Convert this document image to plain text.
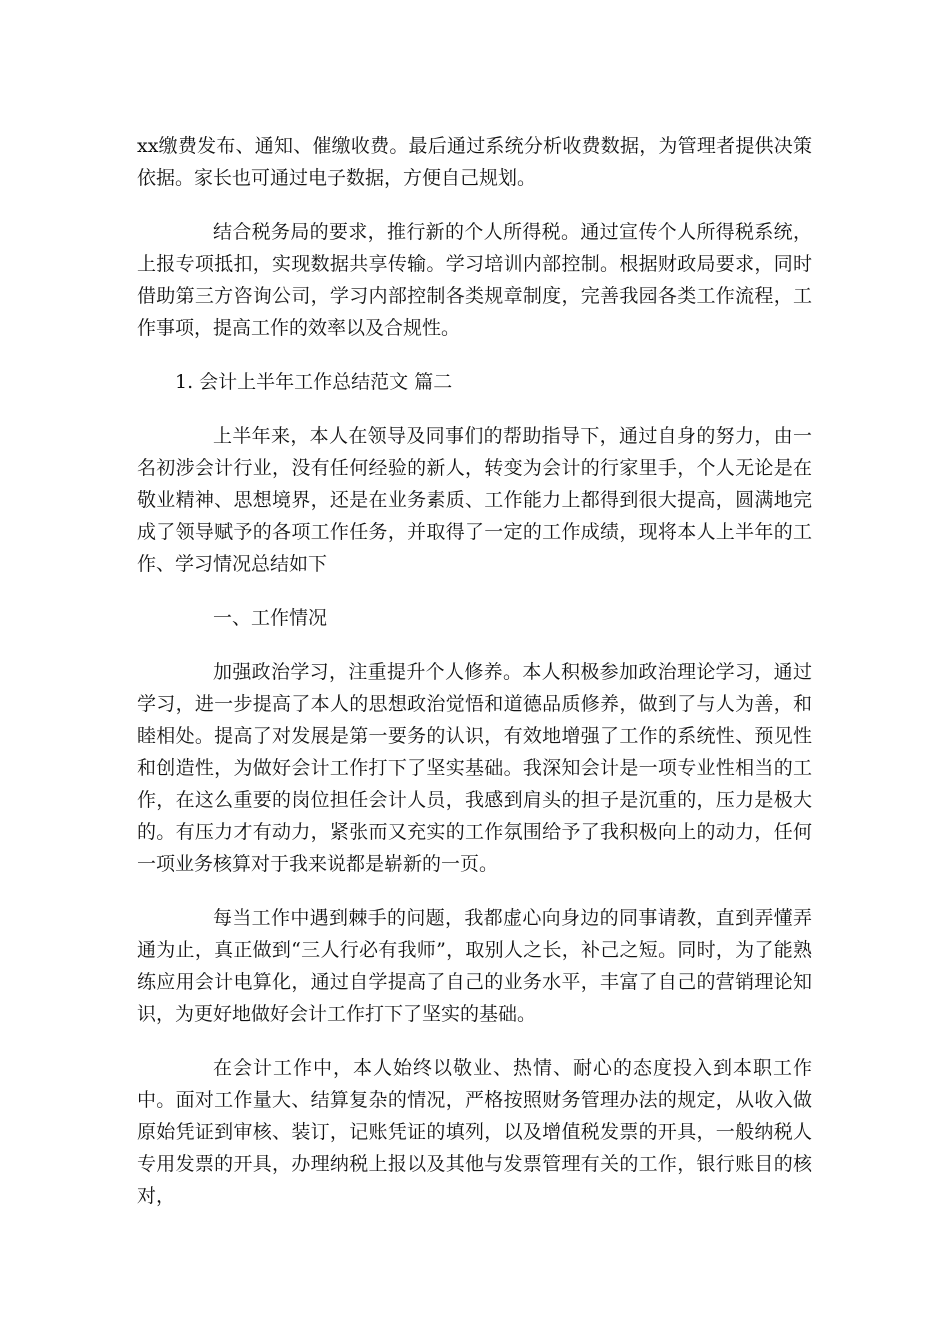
xx缴费发布、通知、催缴收费。最后通过系统分析收费数据，为管理者提供决策依据。家长也可通过电子数据，方便自己规划。

结合税务局的要求，推行新的个人所得税。通过宣传个人所得税系统，上报专项抵扣，实现数据共享传输。学习培训内部控制。根据财政局要求，同时借助第三方咨询公司，学习内部控制各类规章制度，完善我园各类工作流程，工作事项，提高工作的效率以及合规性。

1. 会计上半年工作总结范文 篇二

上半年来，本人在领导及同事们的帮助指导下，通过自身的努力，由一名初涉会计行业，没有任何经验的新人，转变为会计的行家里手，个人无论是在敬业精神、思想境界，还是在业务素质、工作能力上都得到很大提高，圆满地完成了领导赋予的各项工作任务，并取得了一定的工作成绩，现将本人上半年的工作、学习情况总结如下

一、工作情况

加强政治学习，注重提升个人修养。本人积极参加政治理论学习，通过学习，进一步提高了本人的思想政治觉悟和道德品质修养，做到了与人为善，和睦相处。提高了对发展是第一要务的认识，有效地增强了工作的系统性、预见性和创造性，为做好会计工作打下了坚实基础。我深知会计是一项专业性相当的工作，在这么重要的岗位担任会计人员，我感到肩头的担子是沉重的，压力是极大的。有压力才有动力，紧张而又充实的工作氛围给予了我积极向上的动力，任何一项业务核算对于我来说都是崭新的一页。

每当工作中遇到棘手的问题，我都虚心向身边的同事请教，直到弄懂弄通为止，真正做到“三人行必有我师”，取别人之长，补己之短。同时，为了能熟练应用会计电算化，通过自学提高了自己的业务水平，丰富了自己的营销理论知识，为更好地做好会计工作打下了坚实的基础。

在会计工作中，本人始终以敬业、热情、耐心的态度投入到本职工作中。面对工作量大、结算复杂的情况，严格按照财务管理办法的规定，从收入做原始凭证到审核、装订，记账凭证的填列，以及增值税发票的开具，一般纳税人专用发票的开具，办理纳税上报以及其他与发票管理有关的工作，银行账目的核对，
